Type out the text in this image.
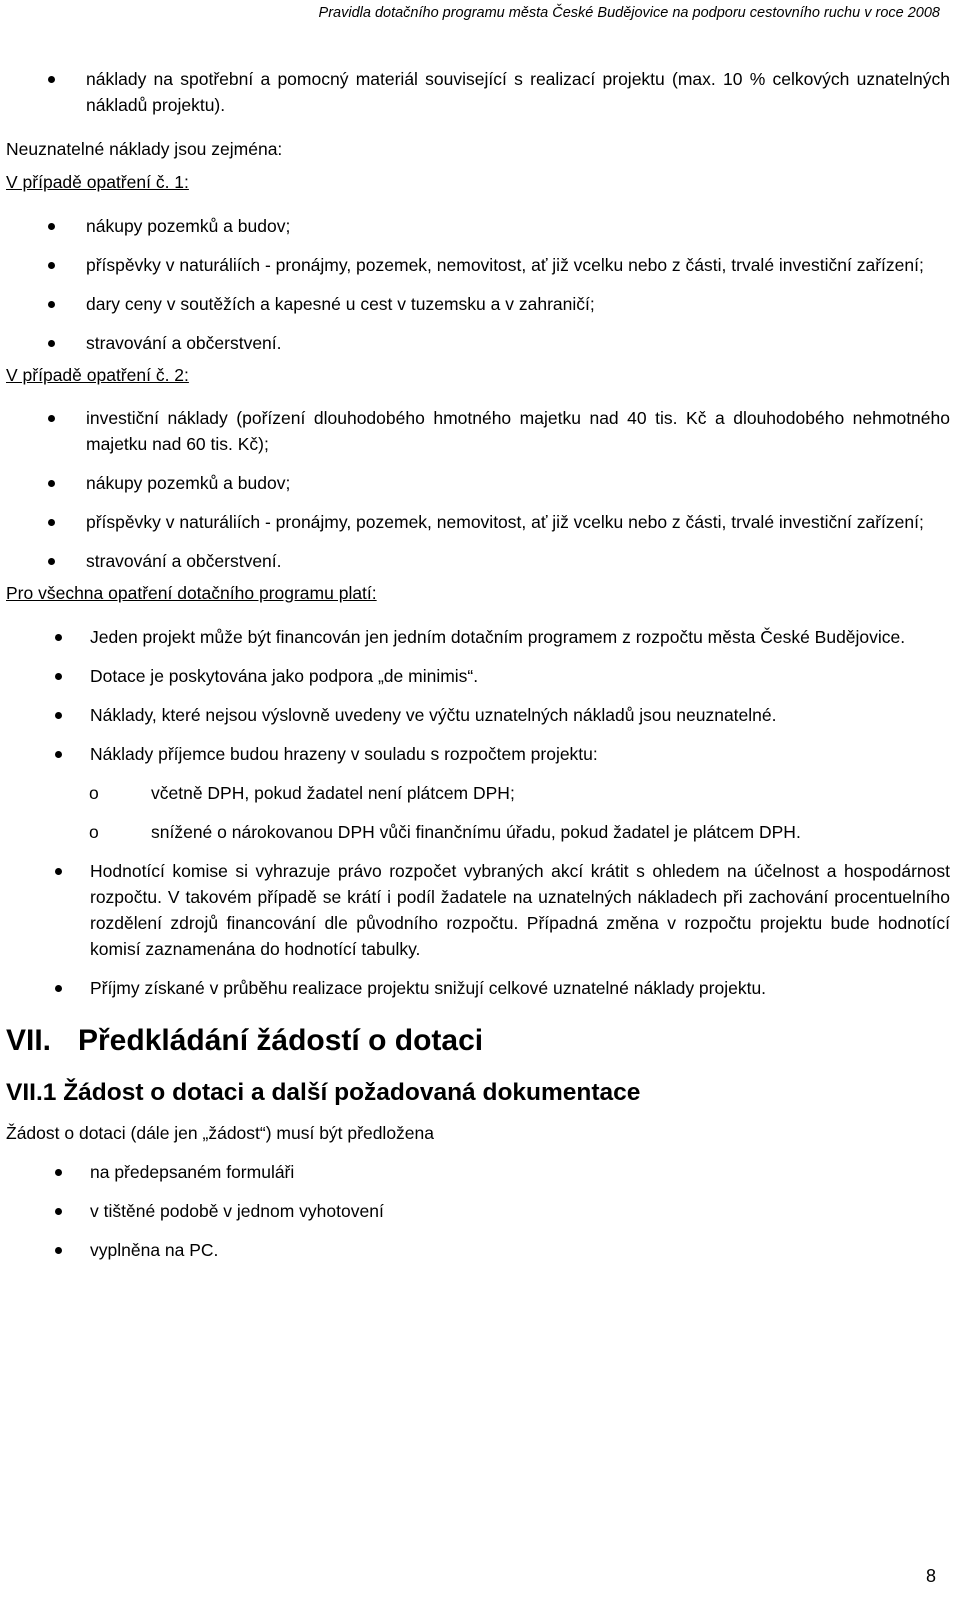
Pravidla dotačního programu města České Budějovice na podporu cestovního ruchu v roce 2008

náklady na spotřební a pomocný materiál související s realizací projektu (max. 10 % celkových uznatelných nákladů projektu).

Neuznatelné náklady jsou zejména:

V případě opatření č. 1:

nákupy pozemků a budov;

příspěvky v naturáliích - pronájmy, pozemek, nemovitost, ať již vcelku nebo z části, trvalé investiční zařízení;

dary ceny v soutěžích a kapesné u cest v tuzemsku a v zahraničí;

stravování a občerstvení.

V případě opatření č. 2:

investiční náklady (pořízení dlouhodobého hmotného majetku nad 40 tis. Kč a dlouhodobého nehmotného majetku nad 60 tis. Kč);

nákupy pozemků a budov;

příspěvky v naturáliích - pronájmy, pozemek, nemovitost, ať již vcelku nebo z části, trvalé investiční zařízení;

stravování a občerstvení.

Pro všechna opatření dotačního programu platí:

Jeden projekt může být financován jen jedním dotačním programem z rozpočtu města České Budějovice.

Dotace je poskytována jako podpora „de minimis“.

Náklady, které nejsou výslovně uvedeny ve výčtu uznatelných nákladů jsou neuznatelné.

Náklady příjemce budou hrazeny v souladu s rozpočtem projektu:

o včetně DPH, pokud žadatel není plátcem DPH;

o snížené o nárokovanou DPH vůči finančnímu úřadu, pokud žadatel je plátcem DPH.

Hodnotící komise si vyhrazuje právo rozpočet vybraných akcí krátit s ohledem na účelnost a hospodárnost rozpočtu. V takovém případě se krátí i podíl žadatele na uznatelných nákladech při zachování procentuelního rozdělení zdrojů financování dle původního rozpočtu. Případná změna v rozpočtu projektu bude hodnotící komisí zaznamenána do hodnotící tabulky.

Příjmy získané v průběhu realizace projektu snižují celkové uznatelné náklady projektu.

VII. Předkládání žádostí o dotaci
VII.1 Žádost o dotaci a další požadovaná dokumentace

Žádost o dotaci (dále jen „žádost“) musí být předložena

na předepsaném formuláři

v tištěné podobě v jednom vyhotovení

vyplněna na PC.

8
